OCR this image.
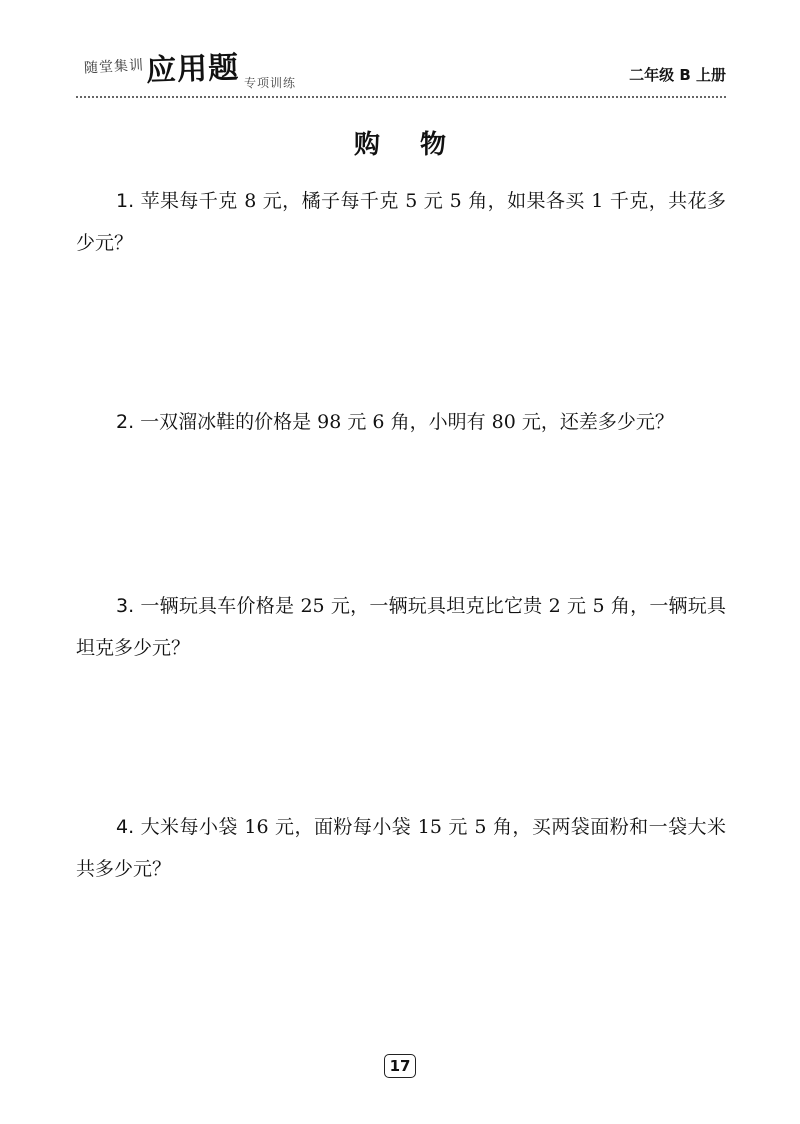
随堂集训 应用题 专项训练	二年级 B 上册
购物
1. 苹果每千克 8 元，橘子每千克 5 元 5 角，如果各买 1 千克，共花多少元？
2. 一双溜冰鞋的价格是 98 元 6 角，小明有 80 元，还差多少元？
3. 一辆玩具车价格是 25 元，一辆玩具坦克比它贵 2 元 5 角，一辆玩具坦克多少元？
4. 大米每小袋 16 元，面粉每小袋 15 元 5 角，买两袋面粉和一袋大米共多少元？
17
